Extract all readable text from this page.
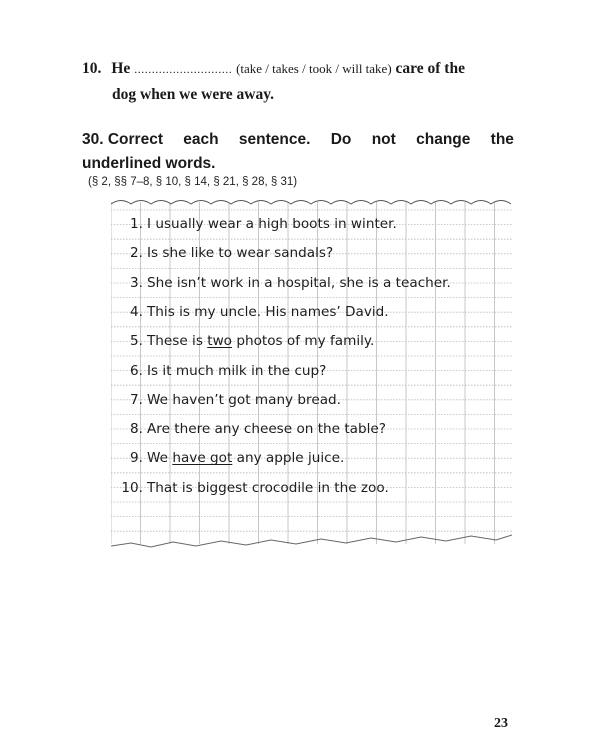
10. He ............................ (take / takes / took / will take) care of the
dog when we were away.
30. Correct each sentence. Do not change the
underlined words.
(§ 2, §§ 7–8, § 10, § 14, § 21, § 28, § 31)
1. I usually wear a high boots in winter.
2. Is she like to wear sandals?
3. She isn’t work in a hospital, she is a teacher.
4. This is my uncle. His names’ David.
5. These is two photos of my family.
6. Is it much milk in the cup?
7. We haven’t got many bread.
8. Are there any cheese on the table?
9. We have got any apple juice.
10. That is biggest crocodile in the zoo.
23
